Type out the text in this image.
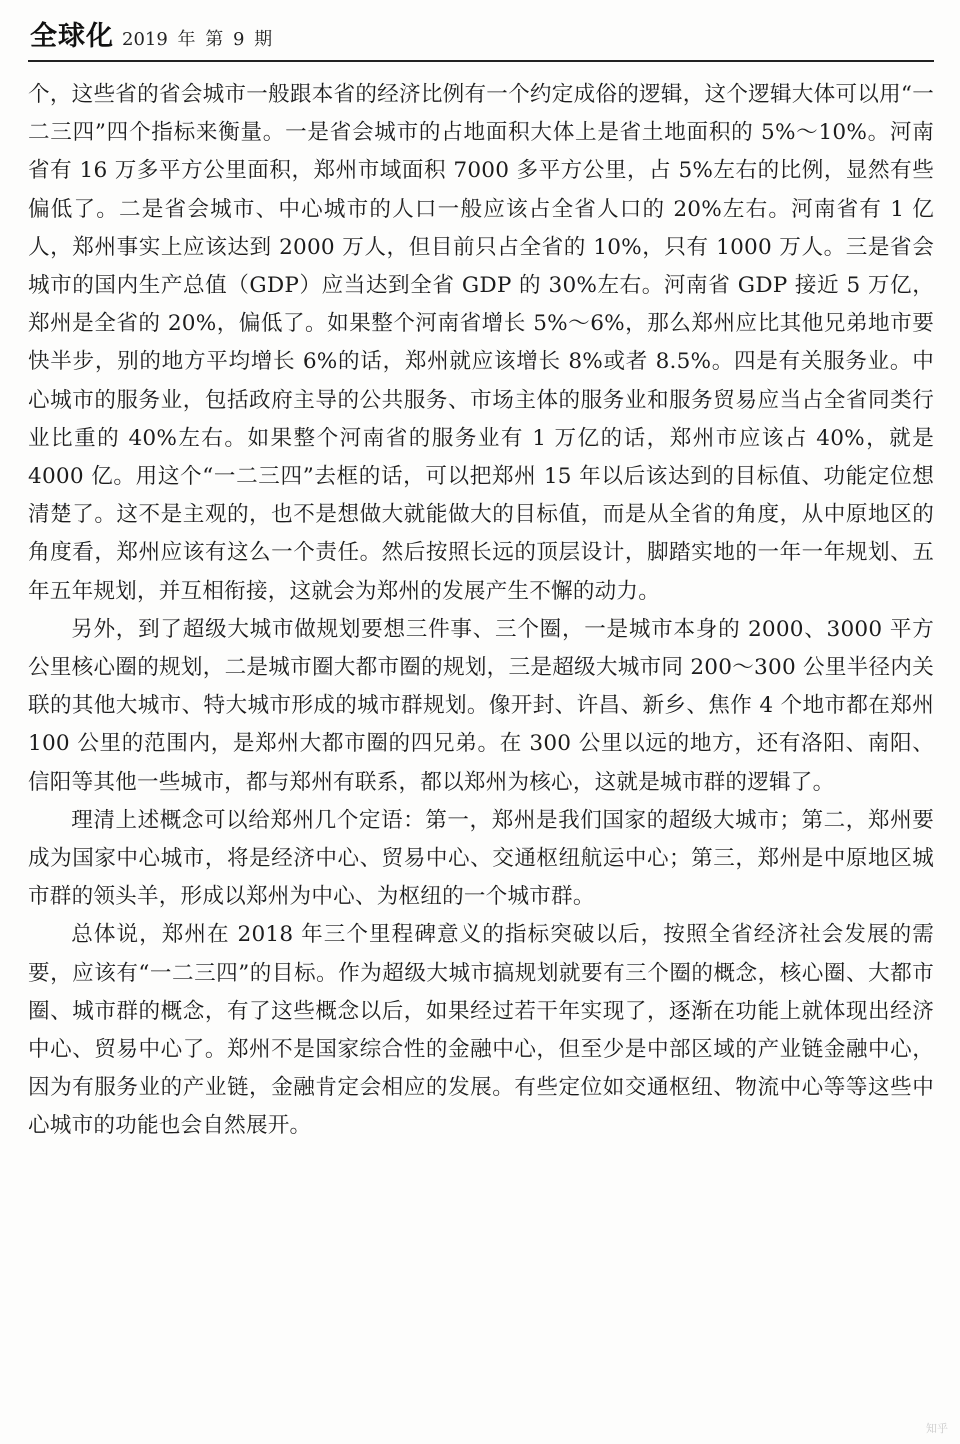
全球化 2019 年 第 9 期

个，这些省的省会城市一般跟本省的经济比例有一个约定成俗的逻辑，这个逻辑大体可以用“一二三四”四个指标来衡量。一是省会城市的占地面积大体上是省土地面积的 5%～10%。河南省有 16 万多平方公里面积，郑州市域面积 7000 多平方公里，占 5%左右的比例，显然有些偏低了。二是省会城市、中心城市的人口一般应该占全省人口的 20%左右。河南省有 1 亿人，郑州事实上应该达到 2000 万人，但目前只占全省的 10%，只有 1000 万人。三是省会城市的国内生产总值（GDP）应当达到全省 GDP 的 30%左右。河南省 GDP 接近 5 万亿，郑州是全省的 20%，偏低了。如果整个河南省增长 5%～6%，那么郑州应比其他兄弟地市要快半步，别的地方平均增长 6%的话，郑州就应该增长 8%或者 8.5%。四是有关服务业。中心城市的服务业，包括政府主导的公共服务、市场主体的服务业和服务贸易应当占全省同类行业比重的 40%左右。如果整个河南省的服务业有 1 万亿的话，郑州市应该占 40%，就是 4000 亿。用这个“一二三四”去框的话，可以把郑州 15 年以后该达到的目标值、功能定位想清楚了。这不是主观的，也不是想做大就能做大的目标值，而是从全省的角度，从中原地区的角度看，郑州应该有这么一个责任。然后按照长远的顶层设计，脚踏实地的一年一年规划、五年五年规划，并互相衔接，这就会为郑州的发展产生不懈的动力。

另外，到了超级大城市做规划要想三件事、三个圈，一是城市本身的 2000、3000 平方公里核心圈的规划，二是城市圈大都市圈的规划，三是超级大城市同 200～300 公里半径内关联的其他大城市、特大城市形成的城市群规划。像开封、许昌、新乡、焦作 4 个地市都在郑州 100 公里的范围内，是郑州大都市圈的四兄弟。在 300 公里以远的地方，还有洛阳、南阳、信阳等其他一些城市，都与郑州有联系，都以郑州为核心，这就是城市群的逻辑了。

理清上述概念可以给郑州几个定语：第一，郑州是我们国家的超级大城市；第二，郑州要成为国家中心城市，将是经济中心、贸易中心、交通枢纽航运中心；第三，郑州是中原地区城市群的领头羊，形成以郑州为中心、为枢纽的一个城市群。

总体说，郑州在 2018 年三个里程碑意义的指标突破以后，按照全省经济社会发展的需要，应该有“一二三四”的目标。作为超级大城市搞规划就要有三个圈的概念，核心圈、大都市圈、城市群的概念，有了这些概念以后，如果经过若干年实现了，逐渐在功能上就体现出经济中心、贸易中心了。郑州不是国家综合性的金融中心，但至少是中部区域的产业链金融中心，因为有服务业的产业链，金融肯定会相应的发展。有些定位如交通枢纽、物流中心等等这些中心城市的功能也会自然展开。

知乎
